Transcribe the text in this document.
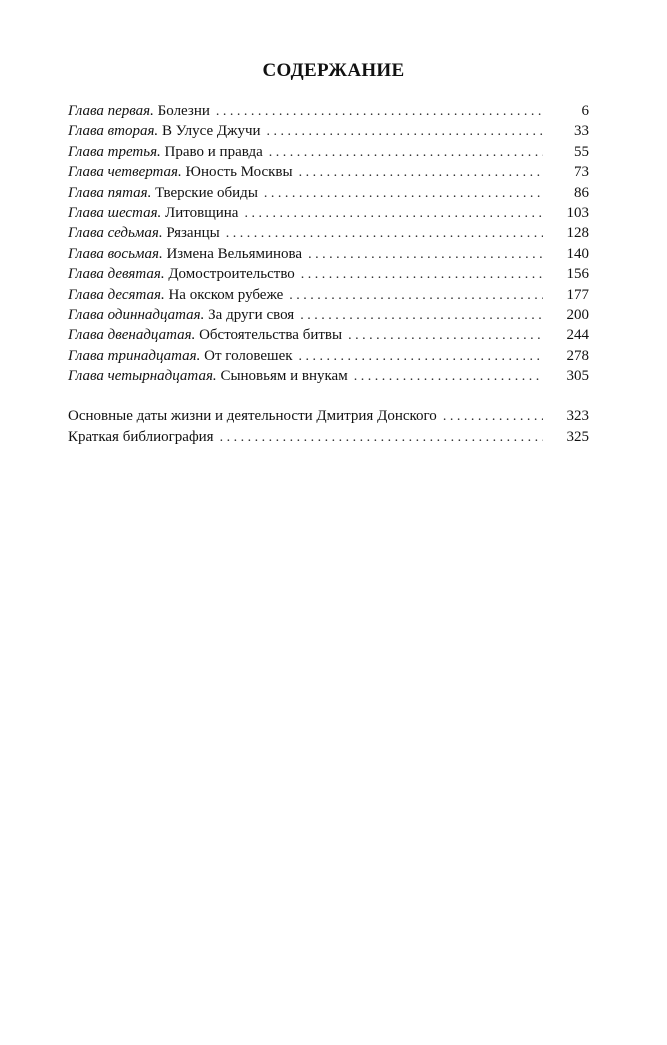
СОДЕРЖАНИЕ
Глава первая. Болезни . . .	6
Глава вторая. В Улусе Джучи . . .	33
Глава третья. Право и правда . . .	55
Глава четвертая. Юность Москвы . . .	73
Глава пятая. Тверские обиды . . .	86
Глава шестая. Литовщина . . .	103
Глава седьмая. Рязанцы . . .	128
Глава восьмая. Измена Вельяминова . . .	140
Глава девятая. Домостроительство . . .	156
Глава десятая. На окском рубеже . . .	177
Глава одиннадцатая. За други своя . . .	200
Глава двенадцатая. Обстоятельства битвы . . .	244
Глава тринадцатая. От головешек . . .	278
Глава четырнадцатая. Сыновьям и внукам . . .	305
Основные даты жизни и деятельности Дмитрия Донского . . .	323
Краткая библиография . . .	325
